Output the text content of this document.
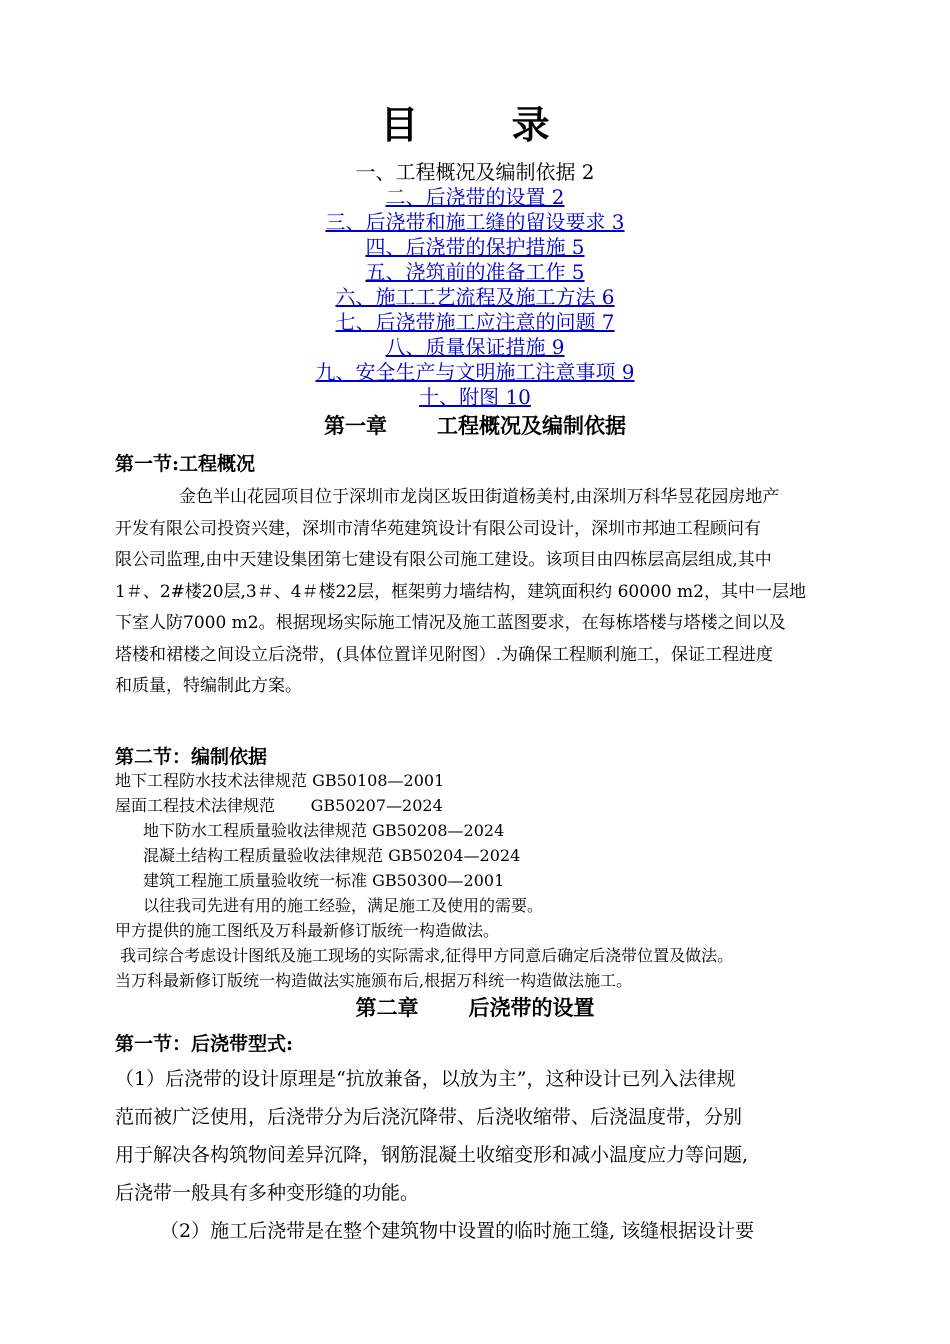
目 录
一、工程概况及编制依据 2
二、后浇带的设置 2
三、后浇带和施工缝的留设要求 3
四、后浇带的保护措施 5
五、浇筑前的准备工作 5
六、施工工艺流程及施工方法 6
七、后浇带施工应注意的问题 7
八、质量保证措施 9
九、安全生产与文明施工注意事项 9
十、附图 10
第一章 工程概况及编制依据
第一节:工程概况
金色半山花园项目位于深圳市龙岗区坂田街道杨美村,由深圳万科华昱花园房地产
开发有限公司投资兴建，深圳市清华苑建筑设计有限公司设计，深圳市邦迪工程顾问有
限公司监理,由中天建设集团第七建设有限公司施工建设。该项目由四栋层高层组成,其中
1＃、2#楼20层,3＃、4＃楼22层，框架剪力墙结构，建筑面积约 60000 m2，其中一层地
下室人防7000 m2。根据现场实际施工情况及施工蓝图要求，在每栋塔楼与塔楼之间以及
塔楼和裙楼之间设立后浇带，(具体位置详见附图）.为确保工程顺利施工，保证工程进度
和质量，特编制此方案。
第二节：编制依据
地下工程防水技术法律规范 GB50108—2001
屋面工程技术法律规范       GB50207—2024
地下防水工程质量验收法律规范 GB50208—2024
混凝土结构工程质量验收法律规范 GB50204—2024
建筑工程施工质量验收统一标准 GB50300—2001
以往我司先进有用的施工经验，满足施工及使用的需要。
甲方提供的施工图纸及万科最新修订版统一构造做法。
我司综合考虑设计图纸及施工现场的实际需求,征得甲方同意后确定后浇带位置及做法。
当万科最新修订版统一构造做法实施颁布后,根据万科统一构造做法施工。
第二章 后浇带的设置
第一节：后浇带型式:
（1）后浇带的设计原理是“抗放兼备，以放为主”，这种设计已列入法律规
范而被广泛使用，后浇带分为后浇沉降带、后浇收缩带、后浇温度带，分别
用于解决各构筑物间差异沉降，钢筋混凝土收缩变形和减小温度应力等问题,
后浇带一般具有多种变形缝的功能。
（2）施工后浇带是在整个建筑物中设置的临时施工缝, 该缝根据设计要
